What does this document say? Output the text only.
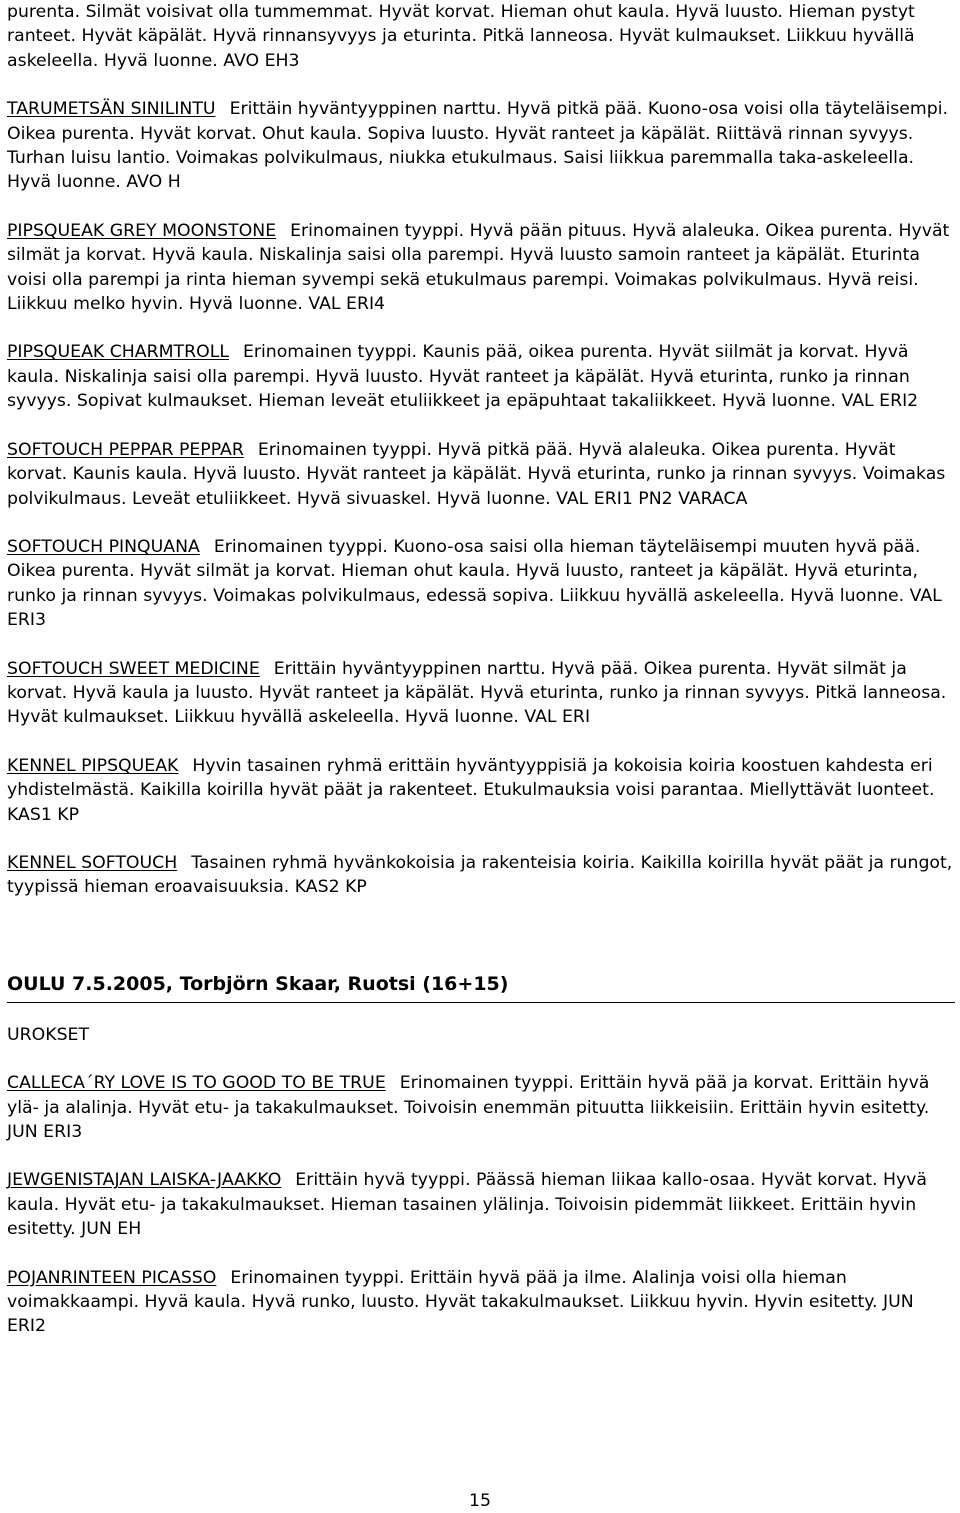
purenta. Silmät voisivat olla tummemmat. Hyvät korvat. Hieman ohut kaula. Hyvä luusto. Hieman pystyt ranteet. Hyvät käpälät. Hyvä rinnansyvyys ja eturinta. Pitkä lanneosa. Hyvät kulmaukset. Liikkuu hyvällä askeleella. Hyvä luonne. AVO EH3

TARUMETSÄN SINILINTU Erittäin hyväntyyppinen narttu. Hyvä pitkä pää. Kuono-osa voisi olla täyteläisempi. Oikea purenta. Hyvät korvat. Ohut kaula. Sopiva luusto. Hyvät ranteet ja käpälät. Riittävä rinnan syvyys. Turhan luisu lantio. Voimakas polvikulmaus, niukka etukulmaus. Saisi liikkua paremmalla taka-askeleella. Hyvä luonne. AVO H

PIPSQUEAK GREY MOONSTONE Erinomainen tyyppi. Hyvä pään pituus. Hyvä alaleuka. Oikea purenta. Hyvät silmät ja korvat. Hyvä kaula. Niskalinja saisi olla parempi. Hyvä luusto samoin ranteet ja käpälät. Eturinta voisi olla parempi ja rinta hieman syvempi sekä etukulmaus parempi. Voimakas polvikulmaus. Hyvä reisi. Liikkuu melko hyvin. Hyvä luonne. VAL ERI4

PIPSQUEAK CHARMTROLL Erinomainen tyyppi. Kaunis pää, oikea purenta. Hyvät siilmät ja korvat. Hyvä kaula. Niskalinja saisi olla parempi. Hyvä luusto. Hyvät ranteet ja käpälät. Hyvä eturinta, runko ja rinnan syvyys. Sopivat kulmaukset. Hieman leveät etuliikkeet ja epäpuhtaat takaliikkeet. Hyvä luonne. VAL ERI2

SOFTOUCH PEPPAR PEPPAR Erinomainen tyyppi. Hyvä pitkä pää. Hyvä alaleuka. Oikea purenta. Hyvät korvat. Kaunis kaula. Hyvä luusto. Hyvät ranteet ja käpälät. Hyvä eturinta, runko ja rinnan syvyys. Voimakas polvikulmaus. Leveät etuliikkeet. Hyvä sivuaskel. Hyvä luonne. VAL ERI1 PN2 VARACA

SOFTOUCH PINQUANA Erinomainen tyyppi. Kuono-osa saisi olla hieman täyteläisempi muuten hyvä pää. Oikea purenta. Hyvät silmät ja korvat. Hieman ohut kaula. Hyvä luusto, ranteet ja käpälät. Hyvä eturinta, runko ja rinnan syvyys. Voimakas polvikulmaus, edessä sopiva. Liikkuu hyvällä askeleella. Hyvä luonne. VAL ERI3

SOFTOUCH SWEET MEDICINE Erittäin hyväntyyppinen narttu. Hyvä pää. Oikea purenta. Hyvät silmät ja korvat. Hyvä kaula ja luusto. Hyvät ranteet ja käpälät. Hyvä eturinta, runko ja rinnan syvyys. Pitkä lanneosa. Hyvät kulmaukset. Liikkuu hyvällä askeleella. Hyvä luonne. VAL ERI

KENNEL PIPSQUEAK Hyvin tasainen ryhmä erittäin hyväntyyppisiä ja kokoisia koiria koostuen kahdesta eri yhdistelmästä. Kaikilla koirilla hyvät päät ja rakenteet. Etukulmauksia voisi parantaa. Miellyttävät luonteet. KAS1 KP

KENNEL SOFTOUCH Tasainen ryhmä hyvänkokoisia ja rakenteisia koiria. Kaikilla koirilla hyvät päät ja rungot, tyypissä hieman eroavaisuuksia. KAS2 KP

OULU 7.5.2005, Torbjörn Skaar, Ruotsi (16+15)

UROKSET

CALLECA´RY LOVE IS TO GOOD TO BE TRUE Erinomainen tyyppi. Erittäin hyvä pää ja korvat. Erittäin hyvä ylä- ja alalinja. Hyvät etu- ja takakulmaukset. Toivoisin enemmän pituutta liikkeisiin. Erittäin hyvin esitetty. JUN ERI3

JEWGENISTAJAN LAISKA-JAAKKO Erittäin hyvä tyyppi. Päässä hieman liikaa kallo-osaa. Hyvät korvat. Hyvä kaula. Hyvät etu- ja takakulmaukset. Hieman tasainen ylälinja. Toivoisin pidemmät liikkeet. Erittäin hyvin esitetty. JUN EH

POJANRINTEEN PICASSO Erinomainen tyyppi. Erittäin hyvä pää ja ilme. Alalinja voisi olla hieman voimakkaampi. Hyvä kaula. Hyvä runko, luusto. Hyvät takakulmaukset. Liikkuu hyvin. Hyvin esitetty. JUN ERI2

15
